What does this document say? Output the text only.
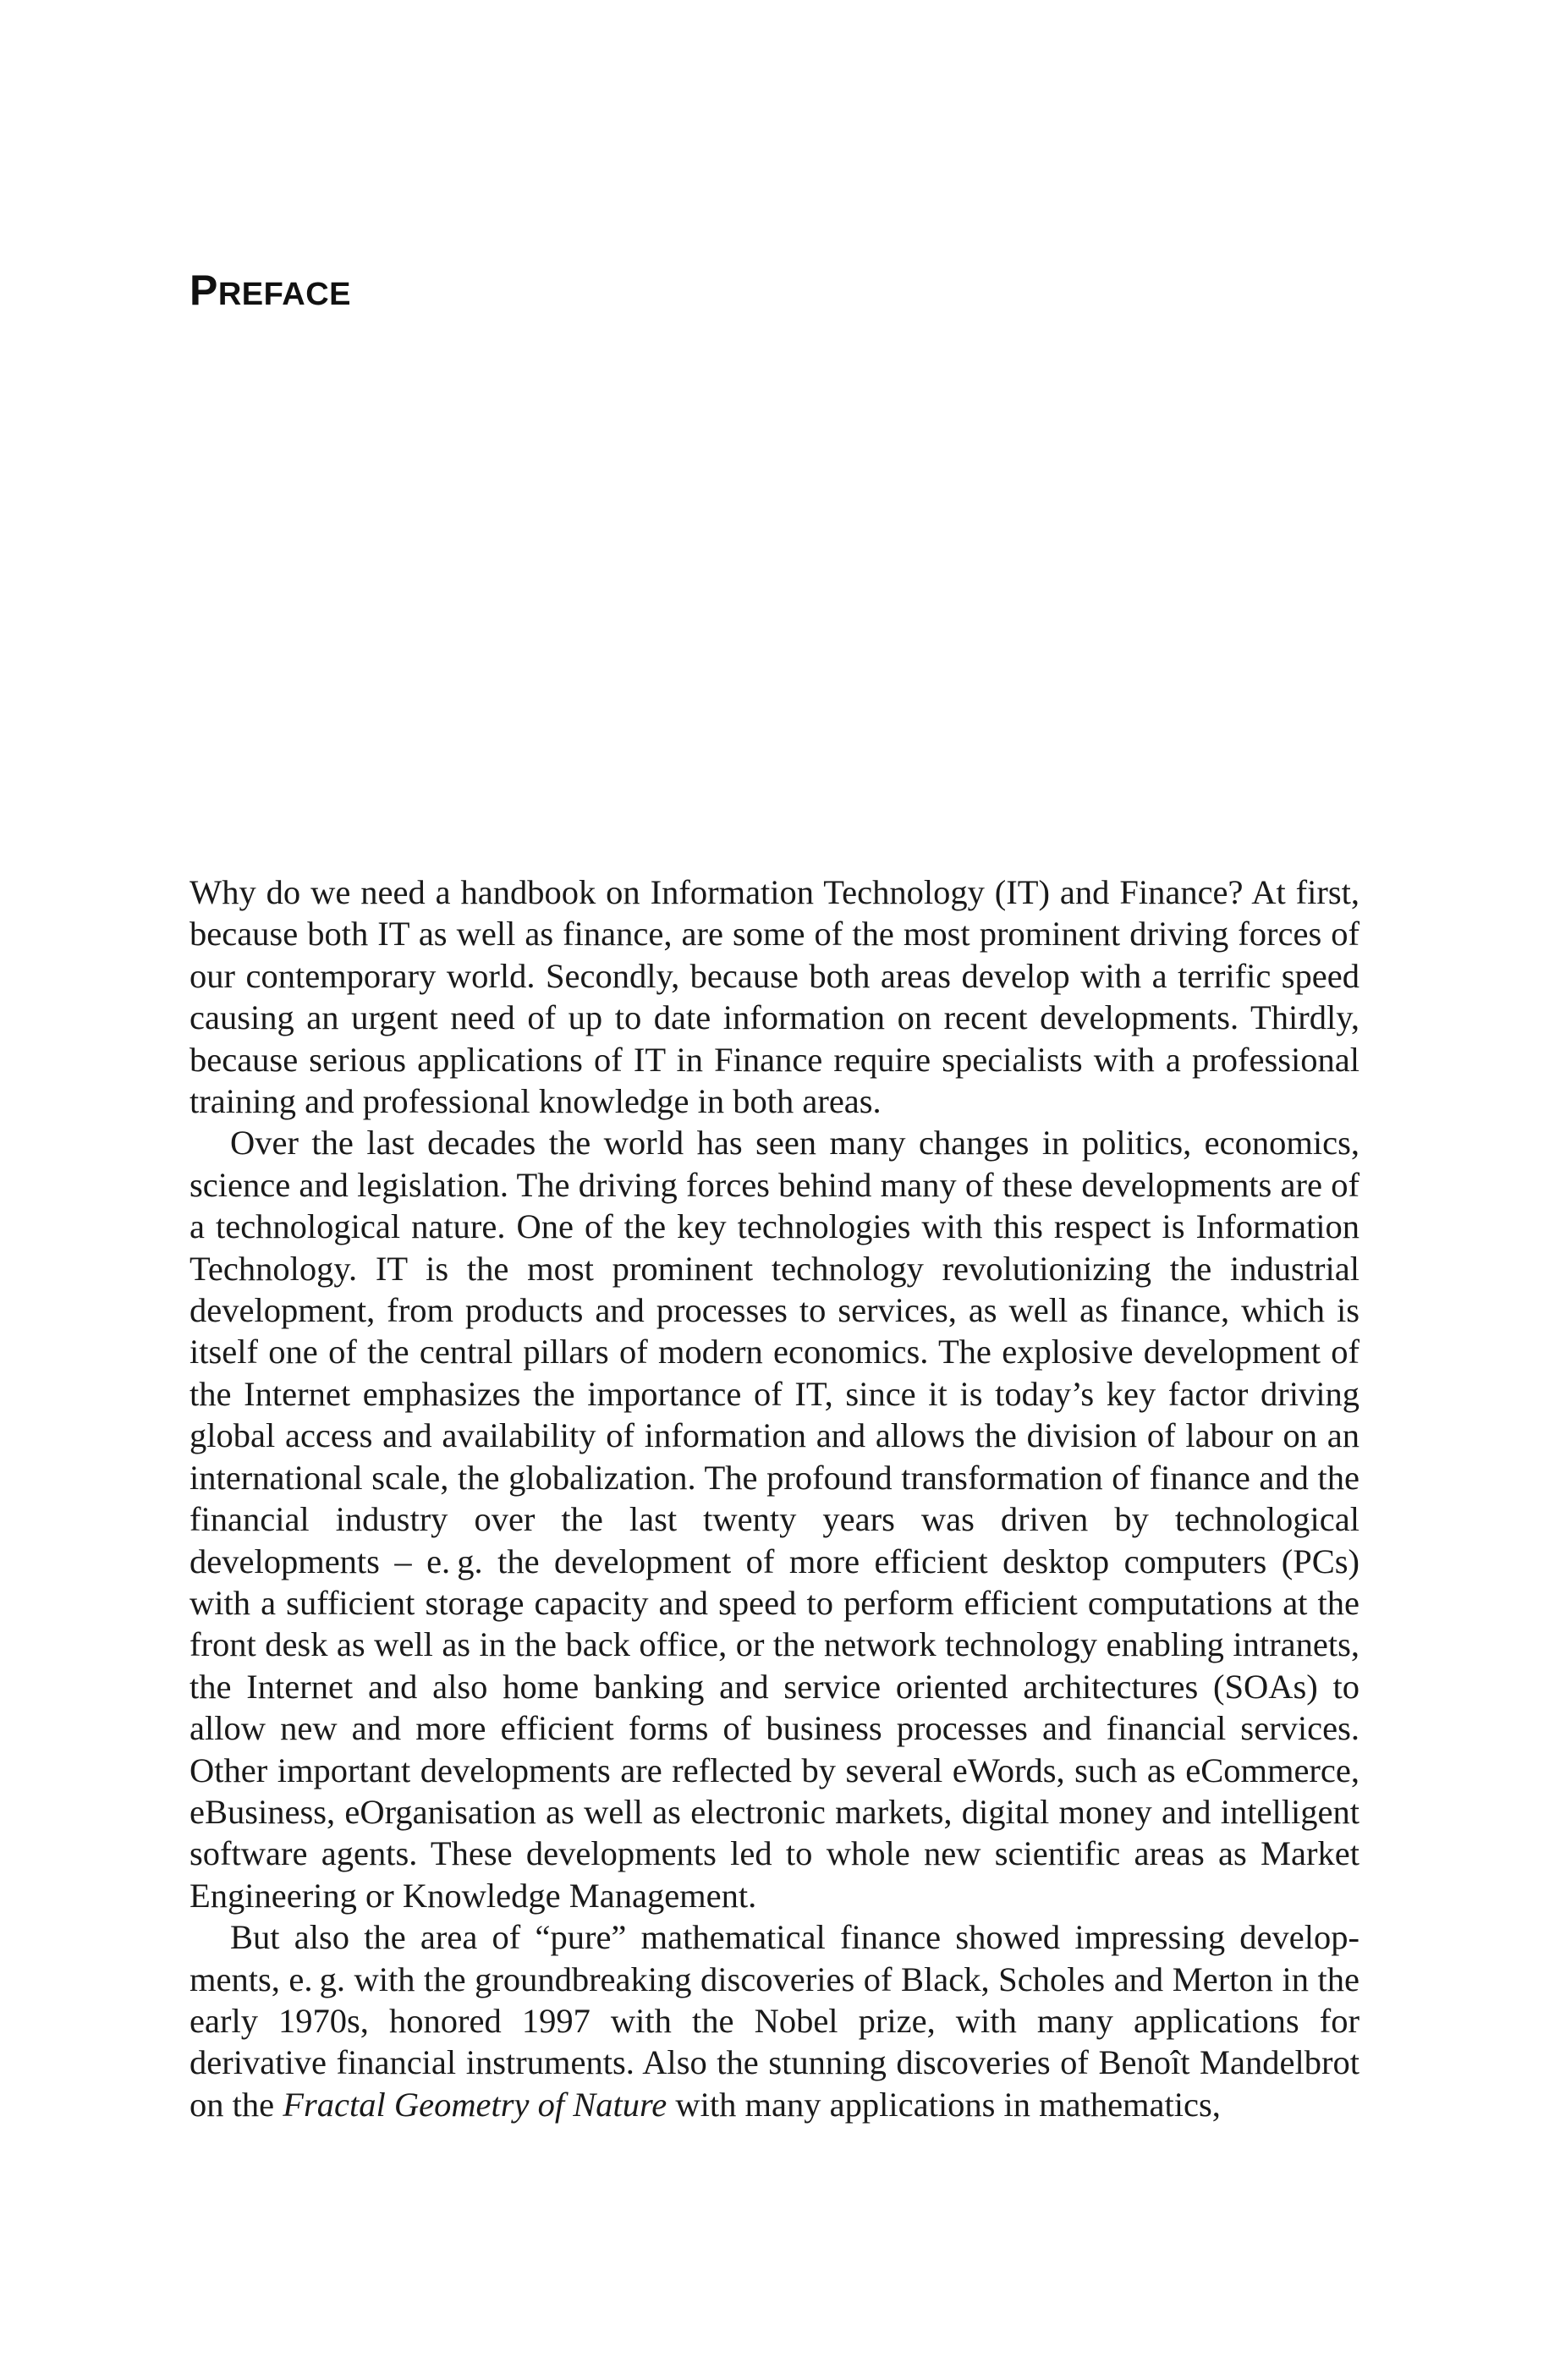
PREFACE

Why do we need a handbook on Information Technology (IT) and Finance? At first, because both IT as well as finance, are some of the most prominent driving forces of our contemporary world. Secondly, because both areas develop with a terrific speed causing an urgent need of up to date information on recent developments. Thirdly, because serious applications of IT in Finance require specialists with a professional training and professional knowledge in both areas.

Over the last decades the world has seen many changes in politics, economics, science and legislation. The driving forces behind many of these developments are of a technological nature. One of the key technologies with this respect is Information Technology. IT is the most prominent technology revolutionizing the industrial development, from products and processes to services, as well as finance, which is itself one of the central pillars of modern economics. The explosive development of the Internet emphasizes the importance of IT, since it is today’s key factor driving global access and availability of information and allows the division of labour on an international scale, the globalization. The profound transformation of finance and the financial industry over the last twenty years was driven by technological developments – e. g. the development of more efficient desktop computers (PCs) with a sufficient storage capacity and speed to perform efficient computations at the front desk as well as in the back office, or the network technology enabling intranets, the Internet and also home banking and service oriented architectures (SOAs) to allow new and more efficient forms of business processes and financial services. Other important developments are reflected by several eWords, such as eCommerce, eBusiness, eOrganisation as well as electronic markets, digital money and intelligent software agents. These developments led to whole new scientific areas as Market Engineering or Knowledge Management.

But also the area of “pure” mathematical finance showed impressing developments, e. g. with the groundbreaking discoveries of Black, Scholes and Merton in the early 1970s, honored 1997 with the Nobel prize, with many applications for derivative financial instruments. Also the stunning discoveries of Benoît Mandelbrot on the Fractal Geometry of Nature with many applications in mathematics,
